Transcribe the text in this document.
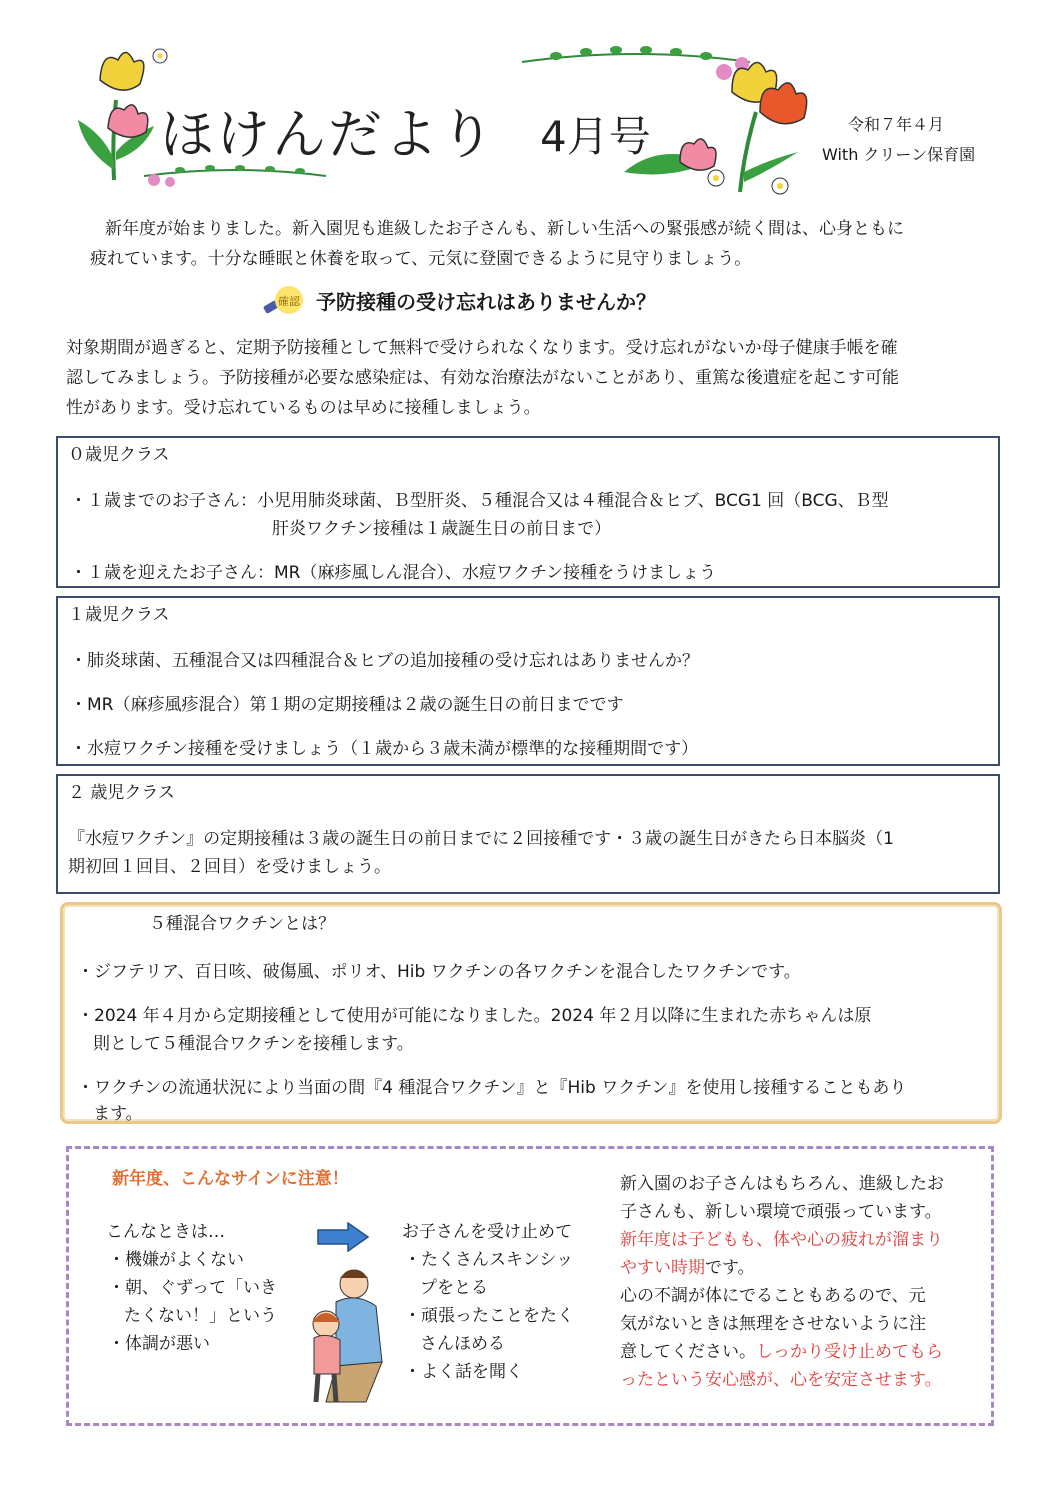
ほけんだより 4月号	令和７年４月
With クリーン保育園

新年度が始まりました。新入園児も進級したお子さんも、新しい生活への緊張感が続く間は、心身ともに

疲れています。十分な睡眠と休養を取って、元気に登園できるように見守りましょう。

確認 予防接種の受け忘れはありませんか？

対象期間が過ぎると、定期予防接種として無料で受けられなくなります。受け忘れがないか母子健康手帳を確

認してみましょう。予防接種が必要な感染症は、有効な治療法がないことがあり、重篤な後遺症を起こす可能

性があります。受け忘れているものは早めに接種しましょう。

０歳児クラス
・１歳までのお子さん：小児用肺炎球菌、Ｂ型肝炎、５種混合又は４種混合＆ヒブ、BCG1 回（BCG、Ｂ型
肝炎ワクチン接種は１歳誕生日の前日まで）
・１歳を迎えたお子さん：MR（麻疹風しん混合）、水痘ワクチン接種をうけましょう
１歳児クラス
・肺炎球菌、五種混合又は四種混合＆ヒブの追加接種の受け忘れはありませんか？
・MR（麻疹風疹混合）第１期の定期接種は２歳の誕生日の前日までです
・水痘ワクチン接種を受けましょう（１歳から３歳未満が標準的な接種期間です）
２ 歳児クラス
『水痘ワクチン』の定期接種は３歳の誕生日の前日までに２回接種です・３歳の誕生日がきたら日本脳炎（1
期初回１回目、２回目）を受けましょう。
５種混合ワクチンとは？
・ジフテリア、百日咳、破傷風、ポリオ、Hib ワクチンの各ワクチンを混合したワクチンです。
・2024 年４月から定期接種として使用が可能になりました。2024 年２月以降に生まれた赤ちゃんは原
則として５種混合ワクチンを接種します。
・ワクチンの流通状況により当面の間『4 種混合ワクチン』と『Hib ワクチン』を使用し接種することもあり
ます。
新年度、こんなサインに注意！
こんなときは…
・機嫌がよくない
・朝、ぐずって「いき
たくない！」という
・体調が悪い
お子さんを受け止めて
・たくさんスキンシッ
プをとる
・頑張ったことをたく
さんほめる
・よく話を聞く
新入園のお子さんはもちろん、進級したお
子さんも、新しい環境で頑張っています。
新年度は子どもも、体や心の疲れが溜まり
やすい時期です。
心の不調が体にでることもあるので、元
気がないときは無理をさせないように注
意してください。しっかり受け止めてもら
ったという安心感が、心を安定させます。
